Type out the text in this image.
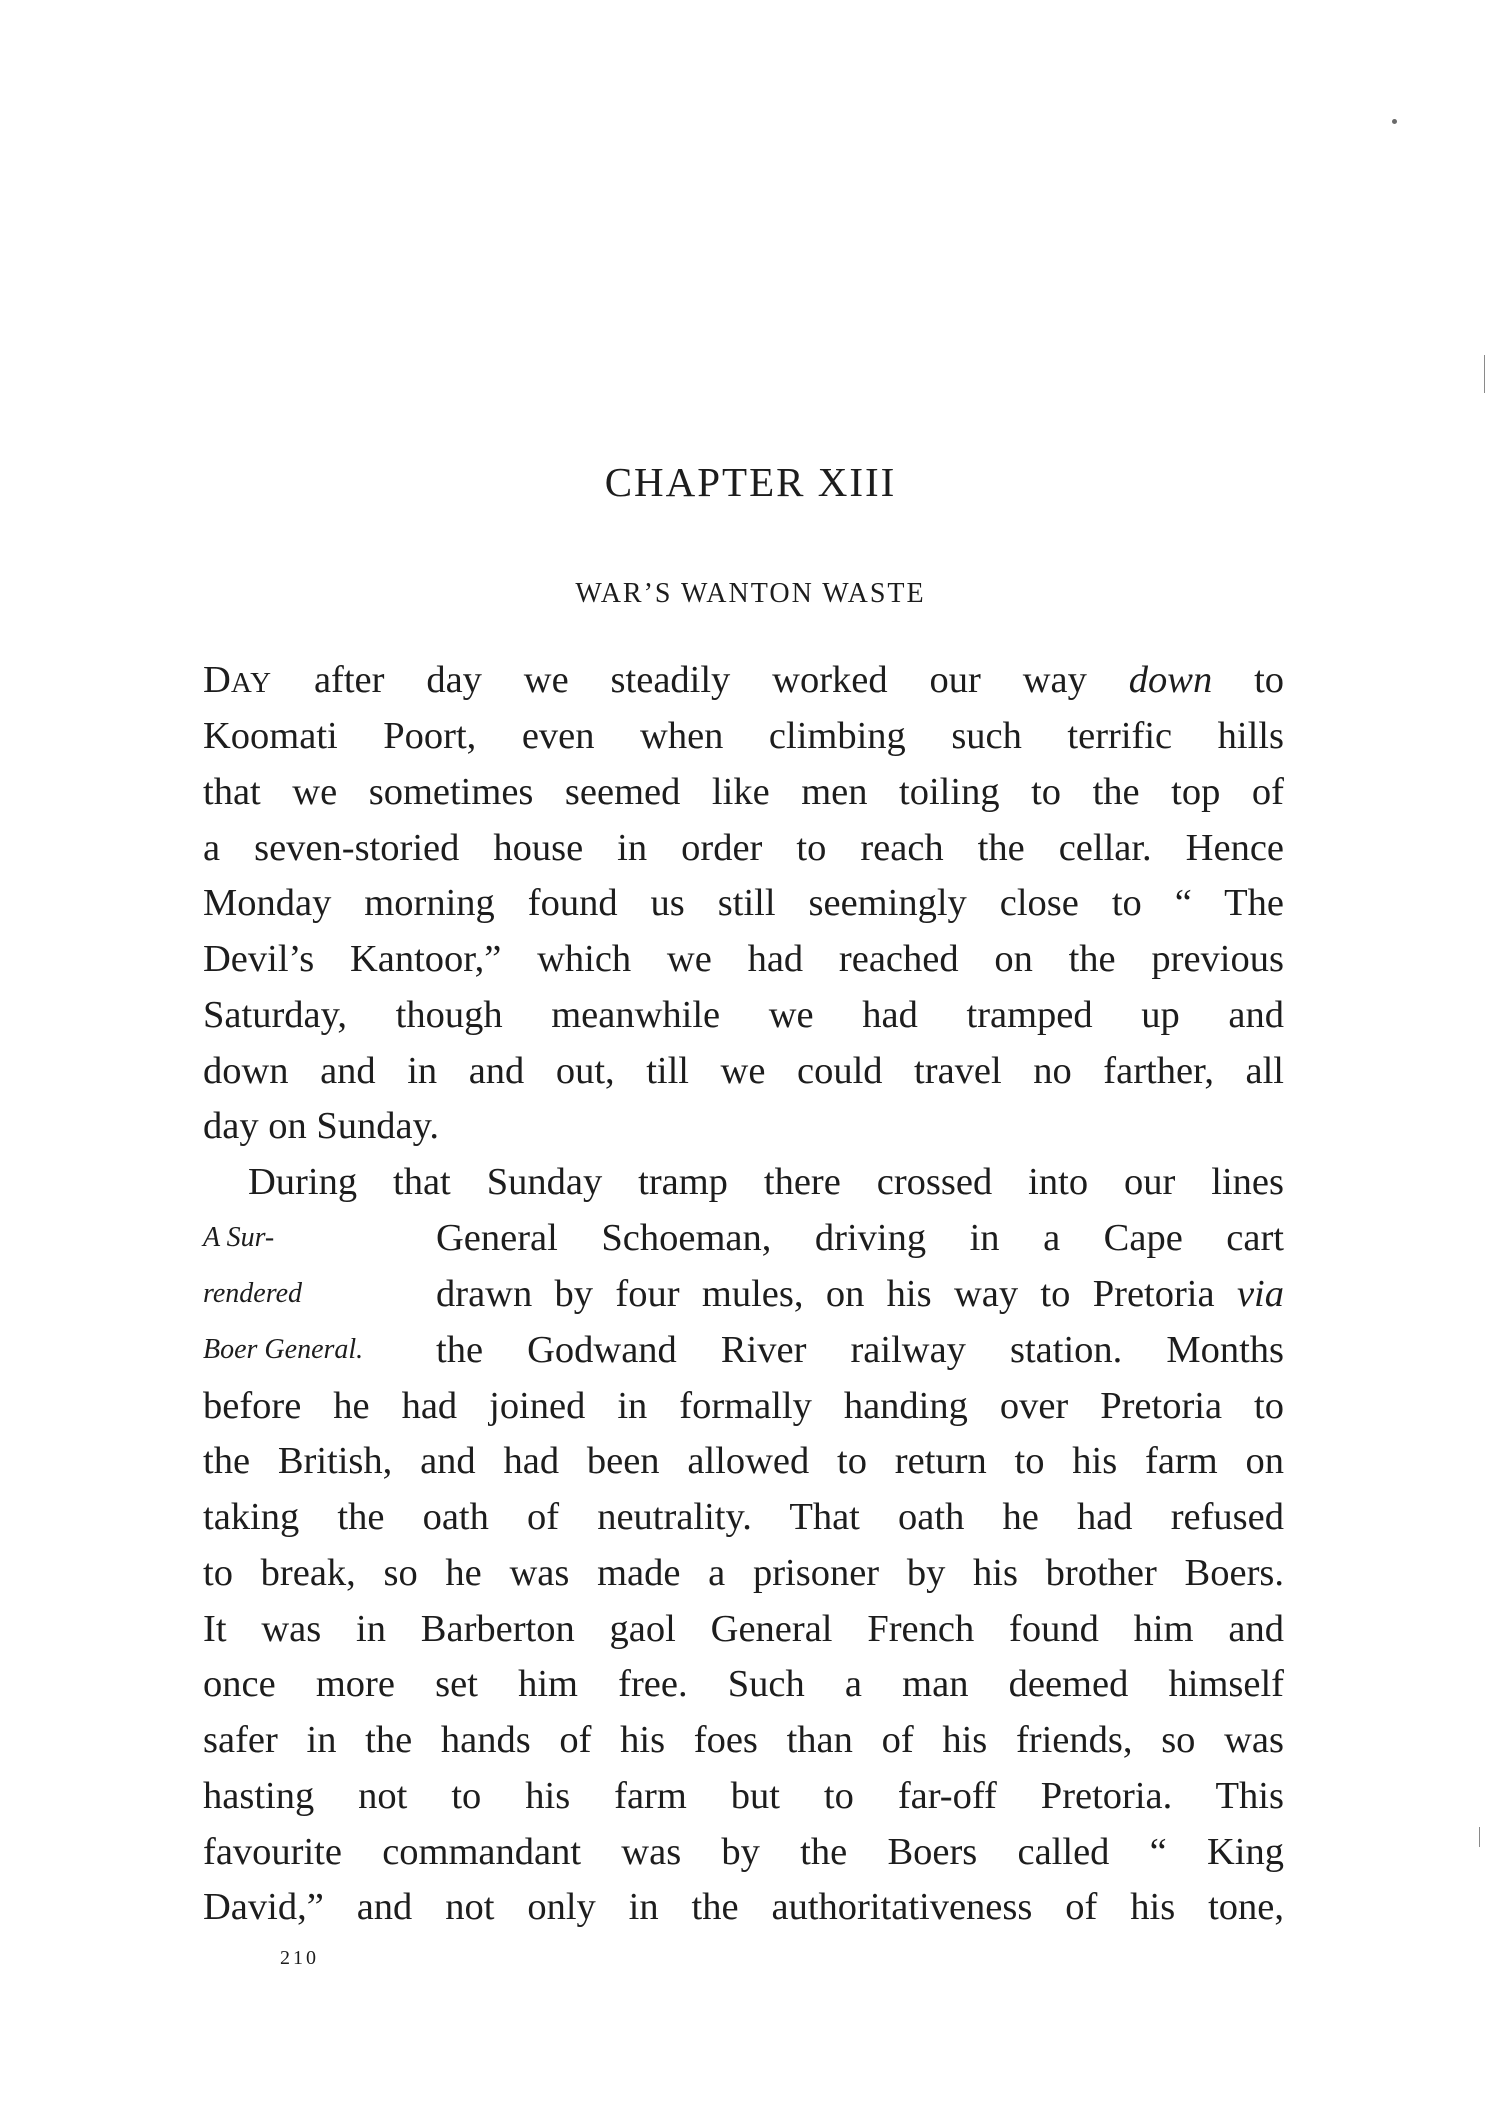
CHAPTER XIII
WAR’S WANTON WASTE
DAY after day we steadily worked our way down to
Koomati Poort, even when climbing such terrific hills
that we sometimes seemed like men toiling to the top of
a seven-storied house in order to reach the cellar. Hence
Monday morning found us still seemingly close to “ The
Devil’s Kantoor,” which we had reached on the previous
Saturday, though meanwhile we had tramped up and
down and in and out, till we could travel no farther, all
day on Sunday.
During that Sunday tramp there crossed into our lines
A Sur-
rendered
Boer General.
General Schoeman, driving in a Cape cart
drawn by four mules, on his way to Pretoria via
the Godwand River railway station. Months
before he had joined in formally handing over Pretoria to
the British, and had been allowed to return to his farm on
taking the oath of neutrality. That oath he had refused
to break, so he was made a prisoner by his brother Boers.
It was in Barberton gaol General French found him and
once more set him free. Such a man deemed himself
safer in the hands of his foes than of his friends, so was
hasting not to his farm but to far-off Pretoria. This
favourite commandant was by the Boers called “ King
David,” and not only in the authoritativeness of his tone,
210
